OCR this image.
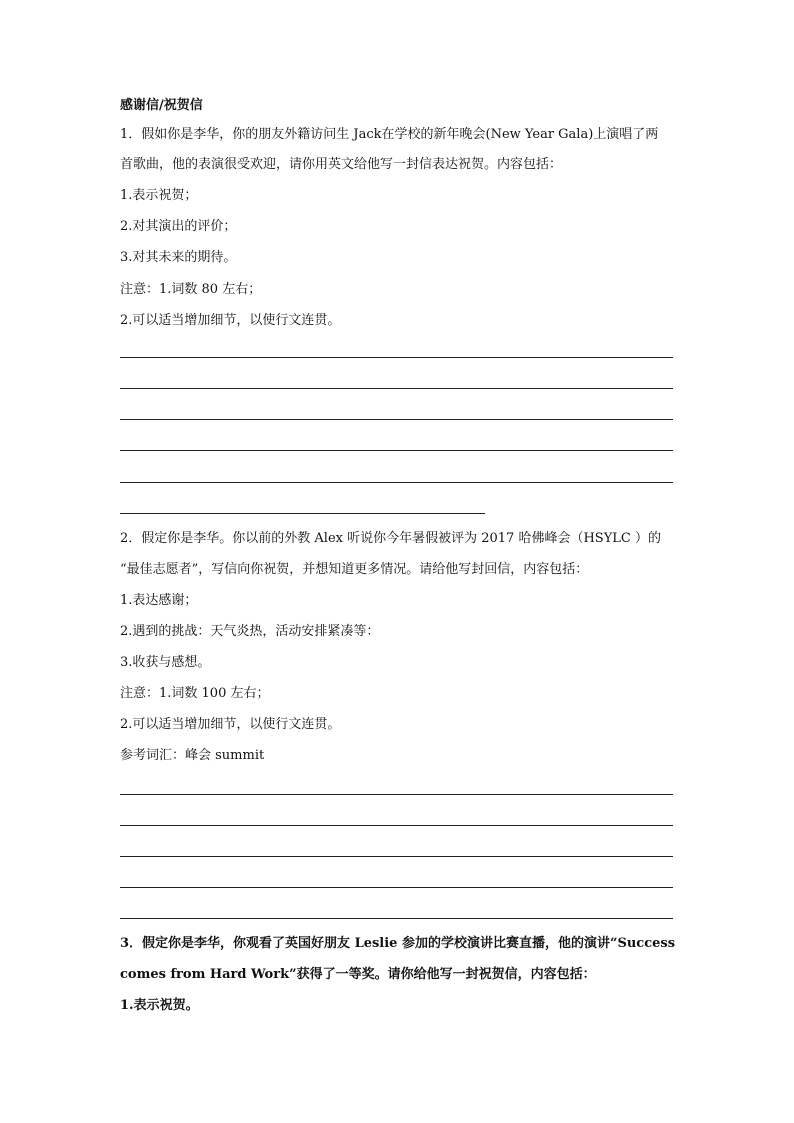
感谢信/祝贺信
1．假如你是李华，你的朋友外籍访问生 Jack在学校的新年晚会(New Year Gala)上演唱了两
首歌曲，他的表演很受欢迎，请你用英文给他写一封信表达祝贺。内容包括：
1.表示祝贺；
2.对其演出的评价；
3.对其未来的期待。
注意：1.词数 80 左右；
2.可以适当增加细节，以使行文连贯。
2．假定你是李华。你以前的外教 Alex 听说你今年暑假被评为 2017 哈佛峰会（HSYLC ）的
“最佳志愿者”，写信向你祝贺，并想知道更多情况。请给他写封回信，内容包括：
1.表达感谢；
2.遇到的挑战：天气炎热，活动安排紧凑等：
3.收获与感想。
注意：1.词数 100 左右；
2.可以适当增加细节，以使行文连贯。
参考词汇：峰会 summit
3．假定你是李华，你观看了英国好朋友 Leslie 参加的学校演讲比赛直播，他的演讲“Success
comes from Hard Work”获得了一等奖。请你给他写一封祝贺信，内容包括：
1.表示祝贺。
